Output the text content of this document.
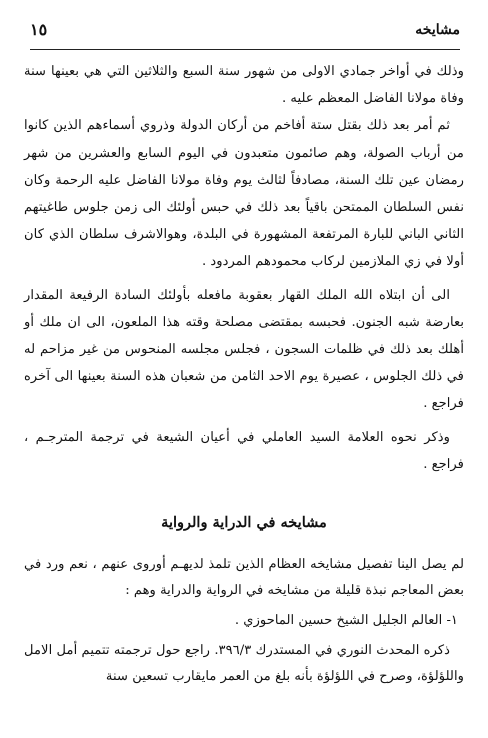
مشايخه
١٥

وذلك في أواخر جمادي الاولى من شهور سنة السبع والثلاثين التي هي بعينها سنة وفاة مولانا الفاضل المعظم عليه .

ثم أمر بعد ذلك بقتل ستة أفاخم من أركان الدولة وذروي أسماءهم الذين كانوا من أرباب الصولة، وهم صائمون متعبدون في اليوم السابع والعشرين من شهر رمضان عين تلك السنة، مصادفاً لثالث يوم وفاة مولانا الفاضل عليه الرحمة وكان نفس السلطان الممتحن باقياً بعد ذلك في حبس أولئك الى زمن جلوس طاغيتهم الثاني الباني للبارة المرتفعة المشهورة في البلدة، وهوالاشرف سلطان الذي كان أولا في زي الملازمين لركاب محمودهم المردود .

الى أن ابتلاه الله الملك القهار بعقوبة مافعله بأولئك السادة الرفيعة المقدار بعارضة شبه الجنون. فحبسه بمقتضى مصلحة وقته هذا الملعون، الى ان ملك أو أهلك بعد ذلك في ظلمات السجون ، فجلس مجلسه المنحوس من غير مزاحم له في ذلك الجلوس ، عصيرة يوم الاحد الثامن من شعبان هذه السنة بعينها الى آخره فراجع .

وذكر نحوه العلامة السيد العاملي في أعيان الشيعة في ترجمة المترجـم ، فراجع .

مشايخه في الدراية والرواية

لم يصل الينا تفصيل مشايخه العظام الذين تلمذ لديهـم أوروى عنهم ، نعم ورد في بعض المعاجم نبذة قليلة من مشايخه في الرواية والدراية وهم :

١- العالم الجليل الشيخ حسين الماحوزي .

ذكره المحدث النوري في المستدرك ٣٩٦/٣. راجع حول ترجمته تتميم أمل الامل واللؤلؤة، وصرح في اللؤلؤة بأنه بلغ من العمر مايقارب تسعين سنة
